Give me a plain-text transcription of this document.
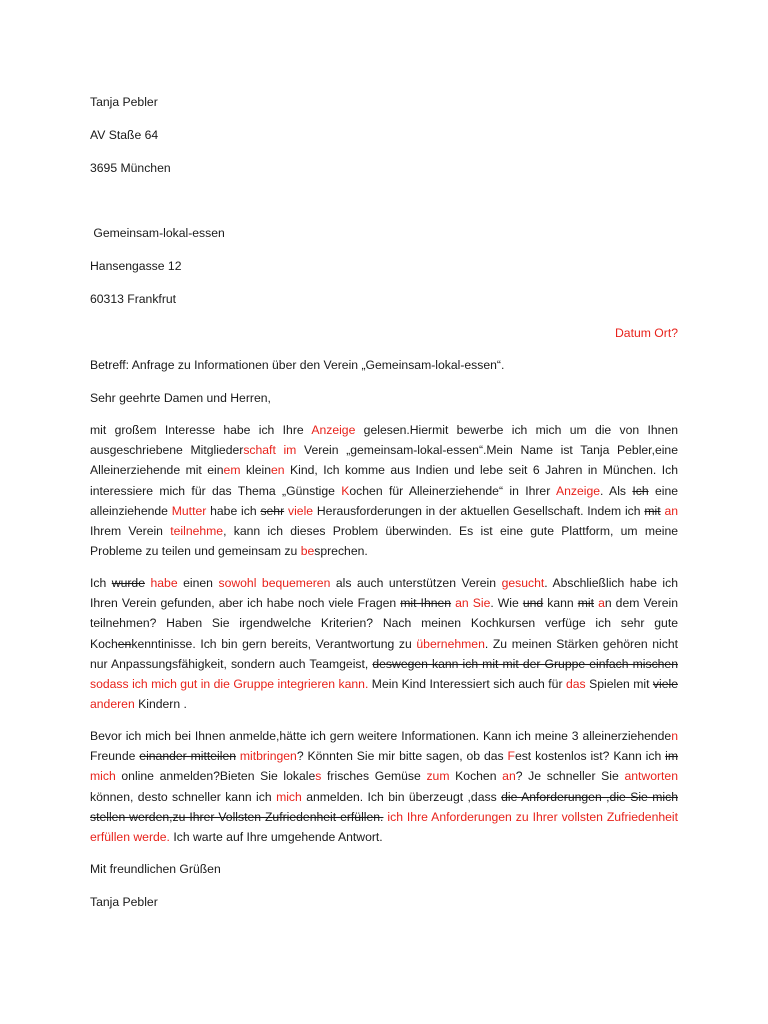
Tanja Pebler
AV Staße 64
3695 München
Gemeinsam-lokal-essen
Hansengasse 12
60313 Frankfrut
Datum Ort?
Betreff: Anfrage zu Informationen über den Verein „Gemeinsam-lokal-essen“.
Sehr geehrte Damen und Herren,
mit großem Interesse habe ich Ihre Anzeige gelesen.Hiermit bewerbe ich mich um die von Ihnen ausgeschriebene Mitgliederschaft im Verein „gemeinsam-lokal-essen“.Mein Name ist Tanja Pebler,eine Alleinerziehende mit einem kleinen Kind, Ich komme aus Indien und lebe seit 6 Jahren in München. Ich interessiere mich für das Thema „Günstige Kochen für Alleinerziehende“ in Ihrer Anzeige. Als Ich eine alleinziehende Mutter habe ich sehr viele Herausforderungen in der aktuellen Gesellschaft. Indem ich mit an Ihrem Verein teilnehme, kann ich dieses Problem überwinden. Es ist eine gute Plattform, um meine Probleme zu teilen und gemeinsam zu besprechen.
Ich wurde habe einen sowohl bequemeren als auch unterstützen Verein gesucht. Abschließlich habe ich Ihren Verein gefunden, aber ich habe noch viele Fragen mit Ihnen an Sie. Wie und kann mit an dem Verein teilnehmen? Haben Sie irgendwelche Kriterien? Nach meinen Kochkursen verfüge ich sehr gute Kochenkenntinisse. Ich bin gern bereits, Verantwortung zu übernehmen. Zu meinen Stärken gehören nicht nur Anpassungsfähigkeit, sondern auch Teamgeist, deswegen kann ich mit mit der Gruppe einfach mischen sodass ich mich gut in die Gruppe integrieren kann. Mein Kind Interessiert sich auch für das Spielen mit viele anderen Kindern .
Bevor ich mich bei Ihnen anmelde,hätte ich gern weitere Informationen. Kann ich meine 3 alleinerziehenden Freunde einander mitteilen mitbringen? Könnten Sie mir bitte sagen, ob das Fest kostenlos ist? Kann ich im mich online anmelden?Bieten Sie lokales frisches Gemüse zum Kochen an? Je schneller Sie antworten können, desto schneller kann ich mich anmelden. Ich bin überzeugt ,dass die Anforderungen ,die Sie mich stellen werden,zu Ihrer Vollsten Zufriedenheit erfüllen. ich Ihre Anforderungen zu Ihrer vollsten Zufriedenheit erfüllen werde. Ich warte auf Ihre umgehende Antwort.
Mit freundlichen Grüßen
Tanja Pebler
